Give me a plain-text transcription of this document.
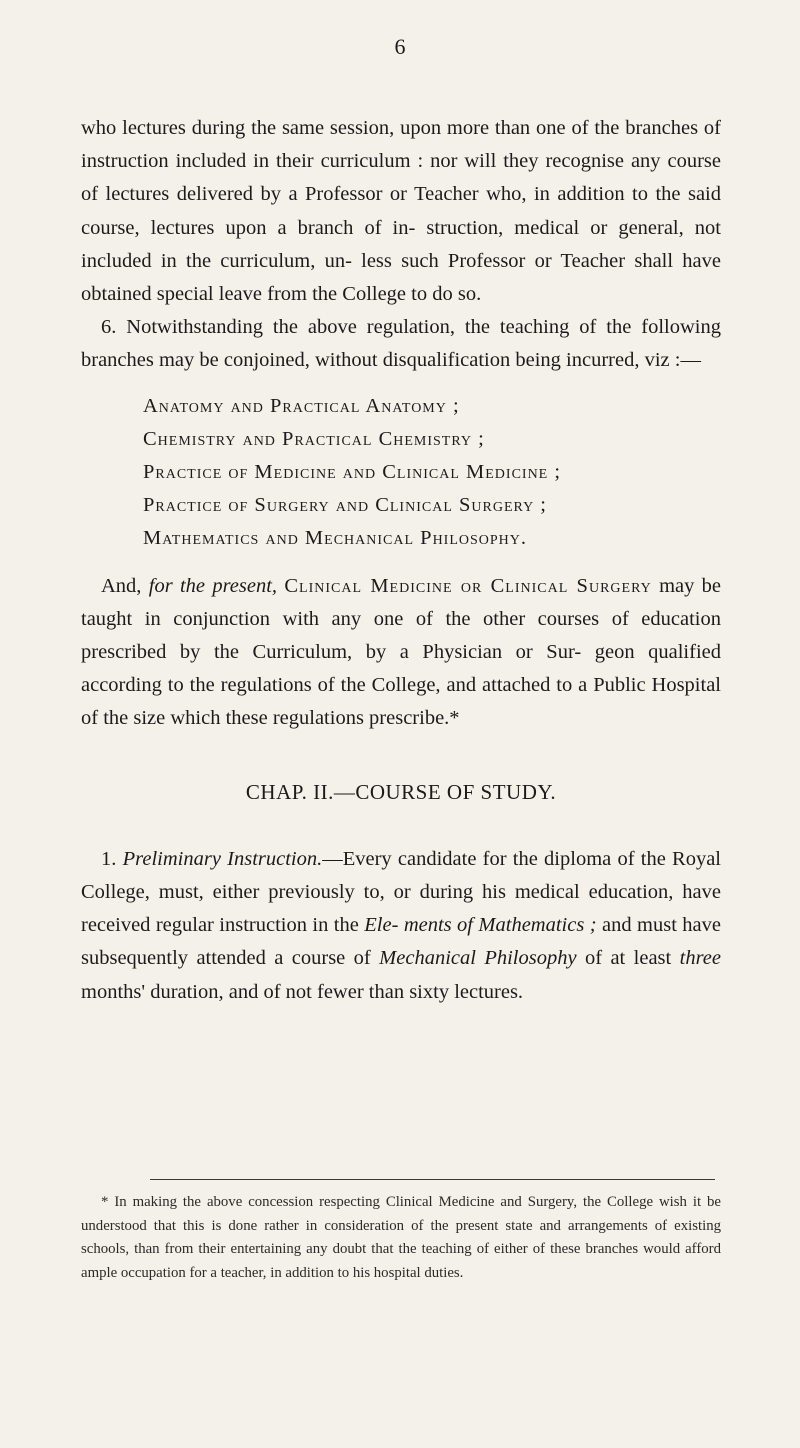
6

who lectures during the same session, upon more than one of the branches of instruction included in their curriculum : nor will they recognise any course of lectures delivered by a Professor or Teacher who, in addition to the said course, lectures upon a branch of in- struction, medical or general, not included in the curriculum, un- less such Professor or Teacher shall have obtained special leave from the College to do so.

6. Notwithstanding the above regulation, the teaching of the following branches may be conjoined, without disqualification being incurred, viz :—

Anatomy and Practical Anatomy ;
Chemistry and Practical Chemistry ;
Practice of Medicine and Clinical Medicine ;
Practice of Surgery and Clinical Surgery ;
Mathematics and Mechanical Philosophy.

And, for the present, Clinical Medicine or Clinical Surgery may be taught in conjunction with any one of the other courses of education prescribed by the Curriculum, by a Physician or Sur- geon qualified according to the regulations of the College, and attached to a Public Hospital of the size which these regulations prescribe.*

CHAP. II.—COURSE OF STUDY.

1. Preliminary Instruction.—Every candidate for the diploma of the Royal College, must, either previously to, or during his medical education, have received regular instruction in the Ele- ments of Mathematics ; and must have subsequently attended a course of Mechanical Philosophy of at least three months' duration, and of not fewer than sixty lectures.

* In making the above concession respecting Clinical Medicine and Surgery, the College wish it be understood that this is done rather in consideration of the present state and arrangements of existing schools, than from their entertaining any doubt that the teaching of either of these branches would afford ample occupation for a teacher, in addition to his hospital duties.
